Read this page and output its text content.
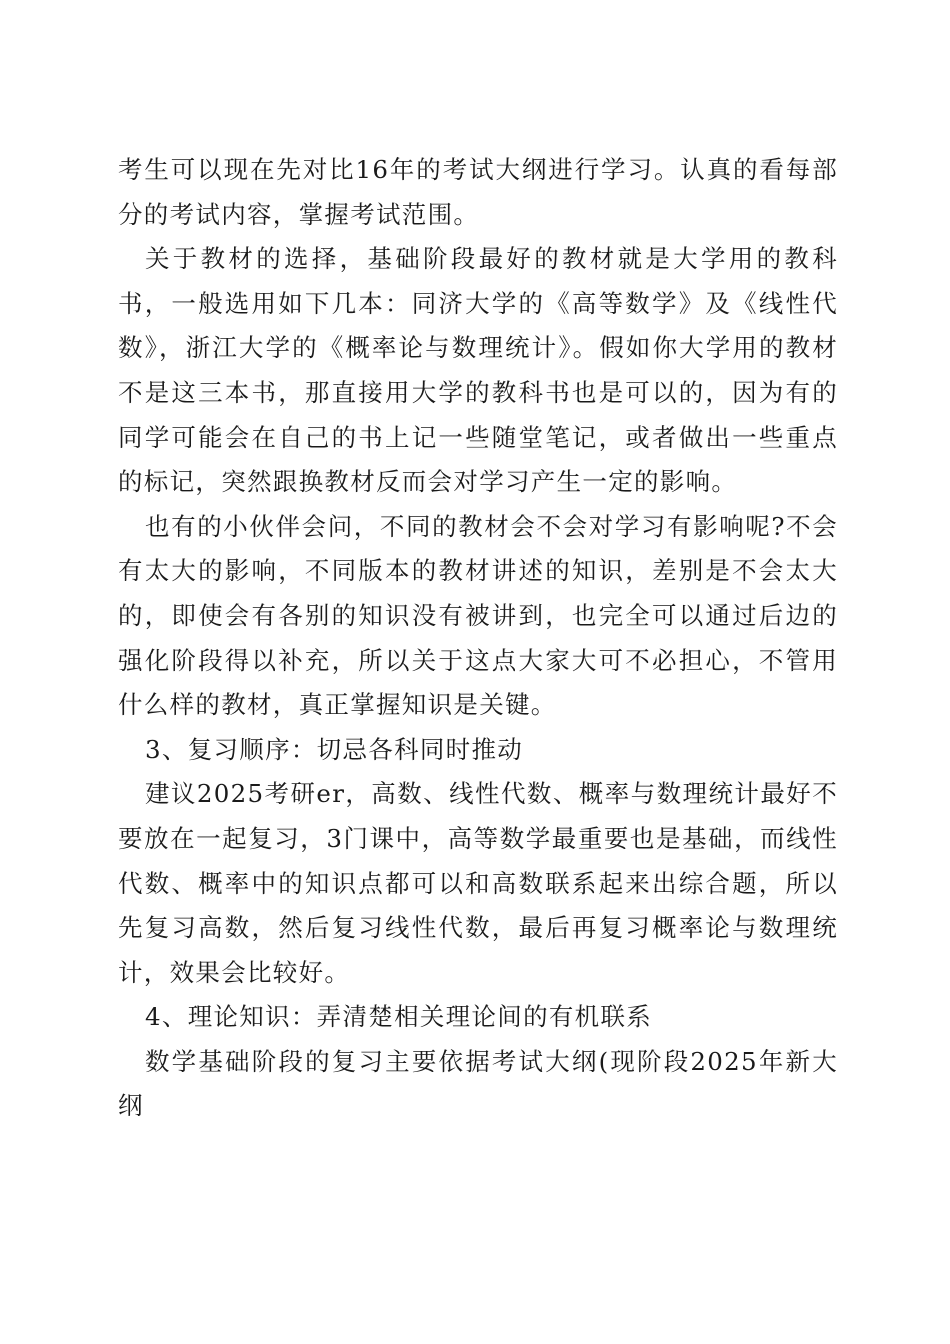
考生可以现在先对比16年的考试大纲进行学习。认真的看每部分的考试内容，掌握考试范围。

关于教材的选择，基础阶段最好的教材就是大学用的教科书，一般选用如下几本：同济大学的《高等数学》及《线性代数》，浙江大学的《概率论与数理统计》。假如你大学用的教材不是这三本书，那直接用大学的教科书也是可以的，因为有的同学可能会在自己的书上记一些随堂笔记，或者做出一些重点的标记，突然跟换教材反而会对学习产生一定的影响。

也有的小伙伴会问，不同的教材会不会对学习有影响呢?不会有太大的影响，不同版本的教材讲述的知识，差别是不会太大的，即使会有各别的知识没有被讲到，也完全可以通过后边的强化阶段得以补充，所以关于这点大家大可不必担心，不管用什么样的教材，真正掌握知识是关键。

3、复习顺序：切忌各科同时推动

建议2025考研er，高数、线性代数、概率与数理统计最好不要放在一起复习，3门课中，高等数学最重要也是基础，而线性代数、概率中的知识点都可以和高数联系起来出综合题，所以先复习高数，然后复习线性代数，最后再复习概率论与数理统计，效果会比较好。

4、理论知识：弄清楚相关理论间的有机联系

数学基础阶段的复习主要依据考试大纲(现阶段2025年新大纲
